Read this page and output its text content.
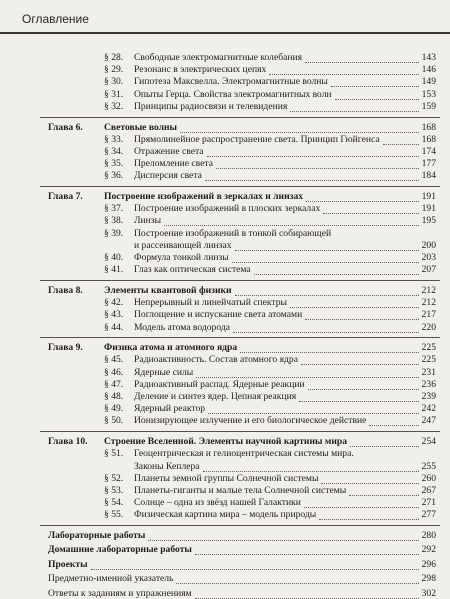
Оглавление
§ 28. Свободные электромагнитные колебания	143
§ 29. Резонанс в электрических цепях	146
§ 30. Гипотеза Максвелла. Электромагнитные волны	149
§ 31. Опыты Герца. Свойства электромагнитных волн	153
§ 32. Принципы радиосвязи и телевидения	159
Глава 6. Световые волны	168
§ 33. Прямолинейное распространение света. Принцип Гюйгенса	168
§ 34. Отражение света	174
§ 35. Преломление света	177
§ 36. Дисперсия света	184
Глава 7. Построение изображений в зеркалах и линзах	191
§ 37. Построение изображений в плоских зеркалах	191
§ 38. Линзы	195
§ 39. Построение изображений в тонкой собирающей
и рассеивающей линзах	200
§ 40. Формула тонкой линзы	203
§ 41. Глаз как оптическая система	207
Глава 8. Элементы квантовой физики	212
§ 42. Непрерывный и линейчатый спектры	212
§ 43. Поглощение и испускание света атомами	217
§ 44. Модель атома водорода	220
Глава 9. Физика атома и атомного ядра	225
§ 45. Радиоактивность. Состав атомного ядра	225
§ 46. Ядерные силы	231
§ 47. Радиоактивный распад. Ядерные реакции	236
§ 48. Деление и синтез ядер. Цепная реакция	239
§ 49. Ядерный реактор	242
§ 50. Ионизирующее излучение и его биологическое действие	247
Глава 10. Строение Вселенной. Элементы научной картины мира	254
§ 51. Геоцентрическая и гелиоцентрическая системы мира.
Законы Кеплера	255
§ 52. Планеты земной группы Солнечной системы	260
§ 53. Планеты-гиганты и малые тела Солнечной системы	267
§ 54. Солнце – одна из звёзд нашей Галактики	271
§ 55. Физическая картина мира – модель природы	277
Лабораторные работы	280
Домашние лабораторные работы	292
Проекты	296
Предметно-именной указатель	298
Ответы к заданиям и упражнениям	302
